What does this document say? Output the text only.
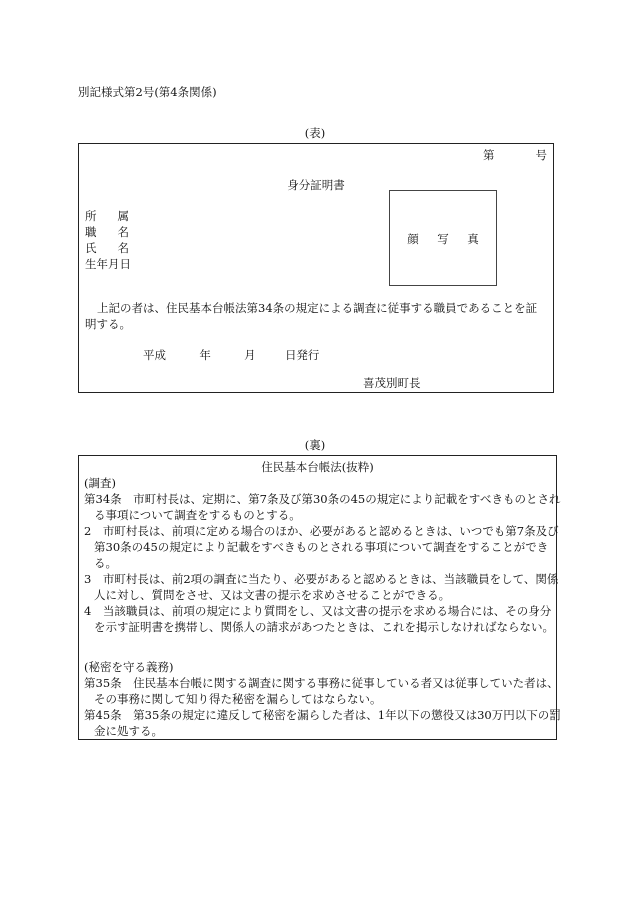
別記様式第2号(第4条関係)
(表)
第	号
身分証明書
所 属
職 名
氏 名
生年月日
顔 写 真
上記の者は、住民基本台帳法第34条の規定による調査に従事する職員であることを証明する。
平成	年	月	日発行
喜茂別町長
(裏)
住民基本台帳法(抜粋)
(調査)
第34条　市町村長は、定期に、第7条及び第30条の45の規定により記載をすべきものとされる事項について調査をするものとする。
2　市町村長は、前項に定める場合のほか、必要があると認めるときは、いつでも第7条及び第30条の45の規定により記載をすべきものとされる事項について調査をすることができる。
3　市町村長は、前2項の調査に当たり、必要があると認めるときは、当該職員をして、関係人に対し、質問をさせ、又は文書の提示を求めさせることができる。
4　当該職員は、前項の規定により質問をし、又は文書の提示を求める場合には、その身分を示す証明書を携帯し、関係人の請求があつたときは、これを掲示しなければならない。
(秘密を守る義務)
第35条　住民基本台帳に関する調査に関する事務に従事している者又は従事していた者は、その事務に関して知り得た秘密を漏らしてはならない。
第45条　第35条の規定に違反して秘密を漏らした者は、1年以下の懲役又は30万円以下の罰金に処する。
